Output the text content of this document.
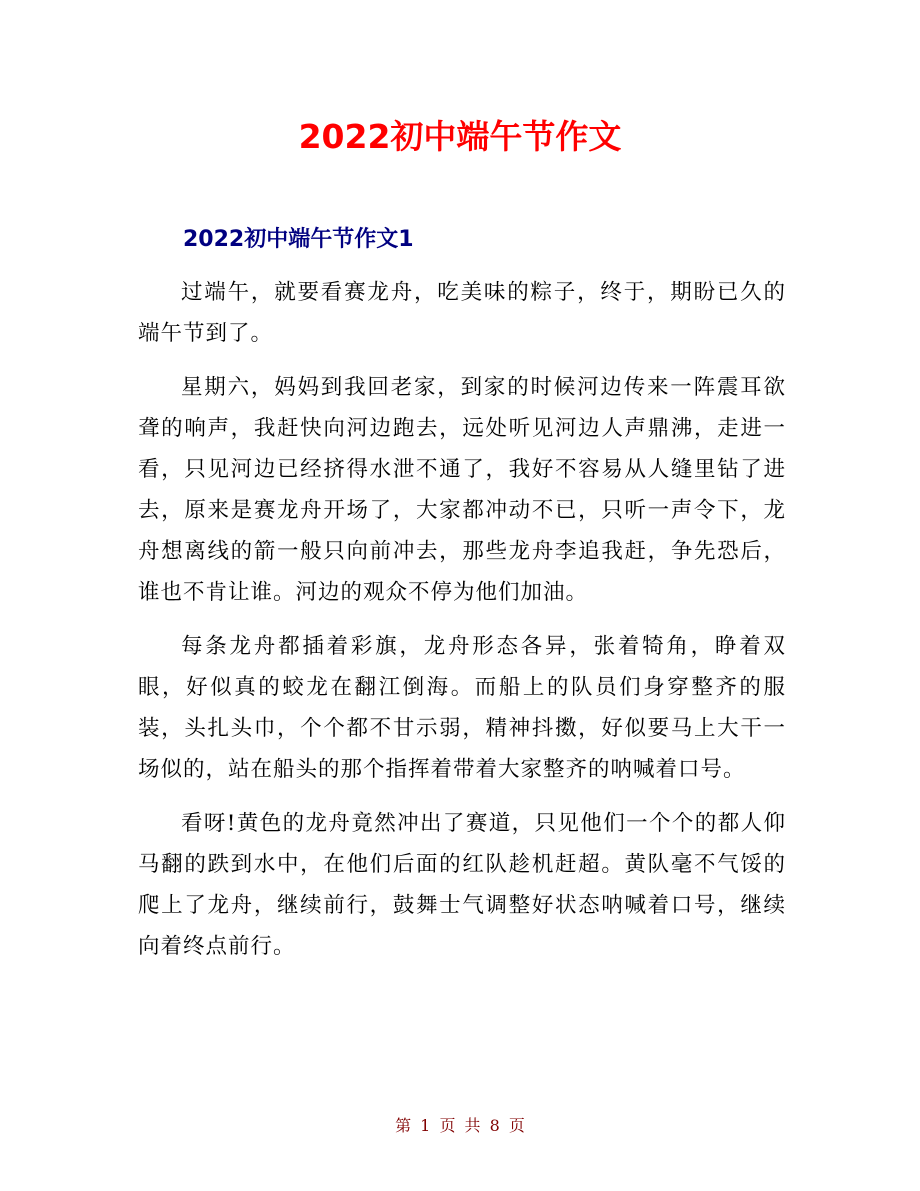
2022初中端午节作文
2022初中端午节作文1

过端午，就要看赛龙舟，吃美味的粽子，终于，期盼已久的端午节到了。

星期六，妈妈到我回老家，到家的时候河边传来一阵震耳欲聋的响声，我赶快向河边跑去，远处听见河边人声鼎沸，走进一看，只见河边已经挤得水泄不通了，我好不容易从人缝里钻了进去，原来是赛龙舟开场了，大家都冲动不已，只听一声令下，龙舟想离线的箭一般只向前冲去，那些龙舟李追我赶，争先恐后，谁也不肯让谁。河边的观众不停为他们加油。

每条龙舟都插着彩旗，龙舟形态各异，张着犄角，睁着双眼，好似真的蛟龙在翻江倒海。而船上的队员们身穿整齐的服装，头扎头巾，个个都不甘示弱，精神抖擞，好似要马上大干一场似的，站在船头的那个指挥着带着大家整齐的呐喊着口号。

看呀!黄色的龙舟竟然冲出了赛道，只见他们一个个的都人仰马翻的跌到水中，在他们后面的红队趁机赶超。黄队毫不气馁的爬上了龙舟，继续前行，鼓舞士气调整好状态呐喊着口号，继续向着终点前行。

第 1 页 共 8 页
